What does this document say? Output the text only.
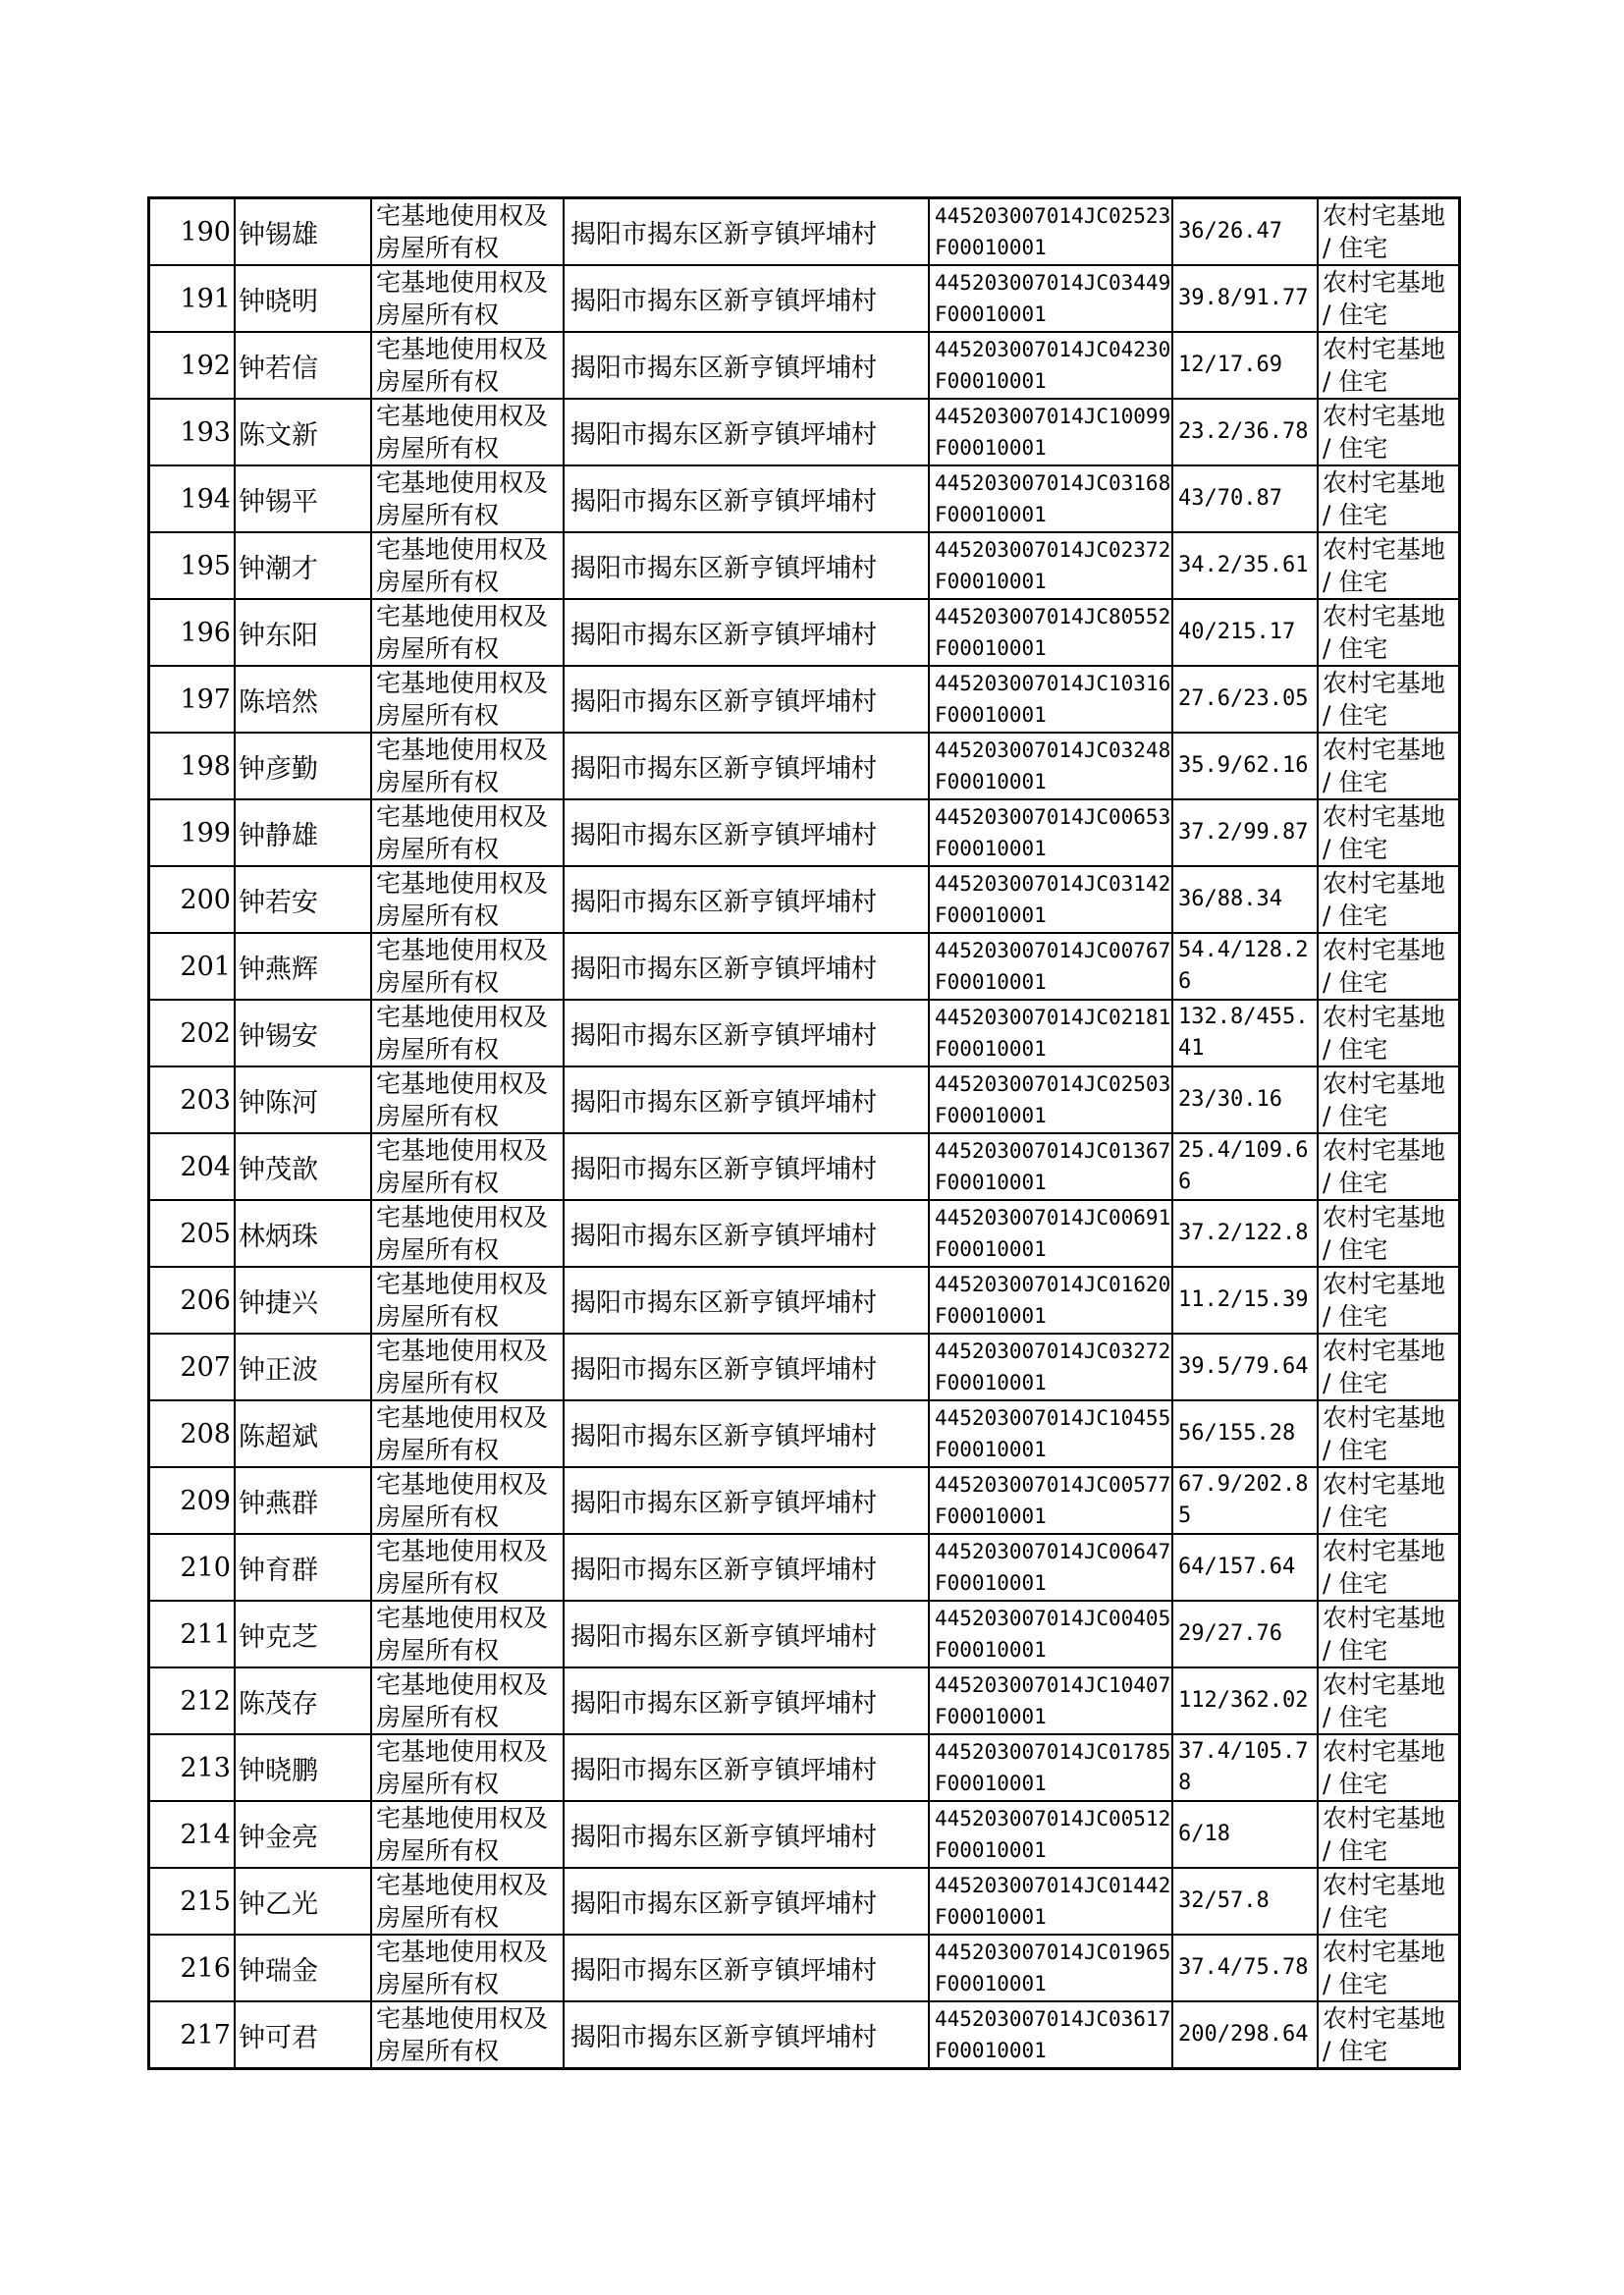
190	钟锡雄	宅基地使用权及房屋所有权	揭阳市揭东区新亨镇坪埔村	445203007014JC02523F00010001	36/26.47	农村宅基地 / 住宅

191	钟晓明	宅基地使用权及房屋所有权	揭阳市揭东区新亨镇坪埔村	445203007014JC03449F00010001	39.8/91.77	农村宅基地 / 住宅

192	钟若信	宅基地使用权及房屋所有权	揭阳市揭东区新亨镇坪埔村	445203007014JC04230F00010001	12/17.69	农村宅基地 / 住宅

193	陈文新	宅基地使用权及房屋所有权	揭阳市揭东区新亨镇坪埔村	445203007014JC10099F00010001	23.2/36.78	农村宅基地 / 住宅

194	钟锡平	宅基地使用权及房屋所有权	揭阳市揭东区新亨镇坪埔村	445203007014JC03168F00010001	43/70.87	农村宅基地 / 住宅

195	钟潮才	宅基地使用权及房屋所有权	揭阳市揭东区新亨镇坪埔村	445203007014JC02372F00010001	34.2/35.61	农村宅基地 / 住宅

196	钟东阳	宅基地使用权及房屋所有权	揭阳市揭东区新亨镇坪埔村	445203007014JC80552F00010001	40/215.17	农村宅基地 / 住宅

197	陈培然	宅基地使用权及房屋所有权	揭阳市揭东区新亨镇坪埔村	445203007014JC10316F00010001	27.6/23.05	农村宅基地 / 住宅

198	钟彦勤	宅基地使用权及房屋所有权	揭阳市揭东区新亨镇坪埔村	445203007014JC03248F00010001	35.9/62.16	农村宅基地 / 住宅

199	钟静雄	宅基地使用权及房屋所有权	揭阳市揭东区新亨镇坪埔村	445203007014JC00653F00010001	37.2/99.87	农村宅基地 / 住宅

200	钟若安	宅基地使用权及房屋所有权	揭阳市揭东区新亨镇坪埔村	445203007014JC03142F00010001	36/88.34	农村宅基地 / 住宅

201	钟燕辉	宅基地使用权及房屋所有权	揭阳市揭东区新亨镇坪埔村	445203007014JC00767F00010001	54.4/128.26	农村宅基地 / 住宅

202	钟锡安	宅基地使用权及房屋所有权	揭阳市揭东区新亨镇坪埔村	445203007014JC02181F00010001	132.8/455.41	农村宅基地 / 住宅

203	钟陈河	宅基地使用权及房屋所有权	揭阳市揭东区新亨镇坪埔村	445203007014JC02503F00010001	23/30.16	农村宅基地 / 住宅

204	钟茂歆	宅基地使用权及房屋所有权	揭阳市揭东区新亨镇坪埔村	445203007014JC01367F00010001	25.4/109.66	农村宅基地 / 住宅

205	林炳珠	宅基地使用权及房屋所有权	揭阳市揭东区新亨镇坪埔村	445203007014JC00691F00010001	37.2/122.8	农村宅基地 / 住宅

206	钟捷兴	宅基地使用权及房屋所有权	揭阳市揭东区新亨镇坪埔村	445203007014JC01620F00010001	11.2/15.39	农村宅基地 / 住宅

207	钟正波	宅基地使用权及房屋所有权	揭阳市揭东区新亨镇坪埔村	445203007014JC03272F00010001	39.5/79.64	农村宅基地 / 住宅

208	陈超斌	宅基地使用权及房屋所有权	揭阳市揭东区新亨镇坪埔村	445203007014JC10455F00010001	56/155.28	农村宅基地 / 住宅

209	钟燕群	宅基地使用权及房屋所有权	揭阳市揭东区新亨镇坪埔村	445203007014JC00577F00010001	67.9/202.85	农村宅基地 / 住宅

210	钟育群	宅基地使用权及房屋所有权	揭阳市揭东区新亨镇坪埔村	445203007014JC00647F00010001	64/157.64	农村宅基地 / 住宅

211	钟克芝	宅基地使用权及房屋所有权	揭阳市揭东区新亨镇坪埔村	445203007014JC00405F00010001	29/27.76	农村宅基地 / 住宅

212	陈茂存	宅基地使用权及房屋所有权	揭阳市揭东区新亨镇坪埔村	445203007014JC10407F00010001	112/362.02	农村宅基地 / 住宅

213	钟晓鹏	宅基地使用权及房屋所有权	揭阳市揭东区新亨镇坪埔村	445203007014JC01785F00010001	37.4/105.78	农村宅基地 / 住宅

214	钟金亮	宅基地使用权及房屋所有权	揭阳市揭东区新亨镇坪埔村	445203007014JC00512F00010001	6/18	农村宅基地 / 住宅

215	钟乙光	宅基地使用权及房屋所有权	揭阳市揭东区新亨镇坪埔村	445203007014JC01442F00010001	32/57.8	农村宅基地 / 住宅

216	钟瑞金	宅基地使用权及房屋所有权	揭阳市揭东区新亨镇坪埔村	445203007014JC01965F00010001	37.4/75.78	农村宅基地 / 住宅

217	钟可君	宅基地使用权及房屋所有权	揭阳市揭东区新亨镇坪埔村	445203007014JC03617F00010001	200/298.64	农村宅基地 / 住宅
